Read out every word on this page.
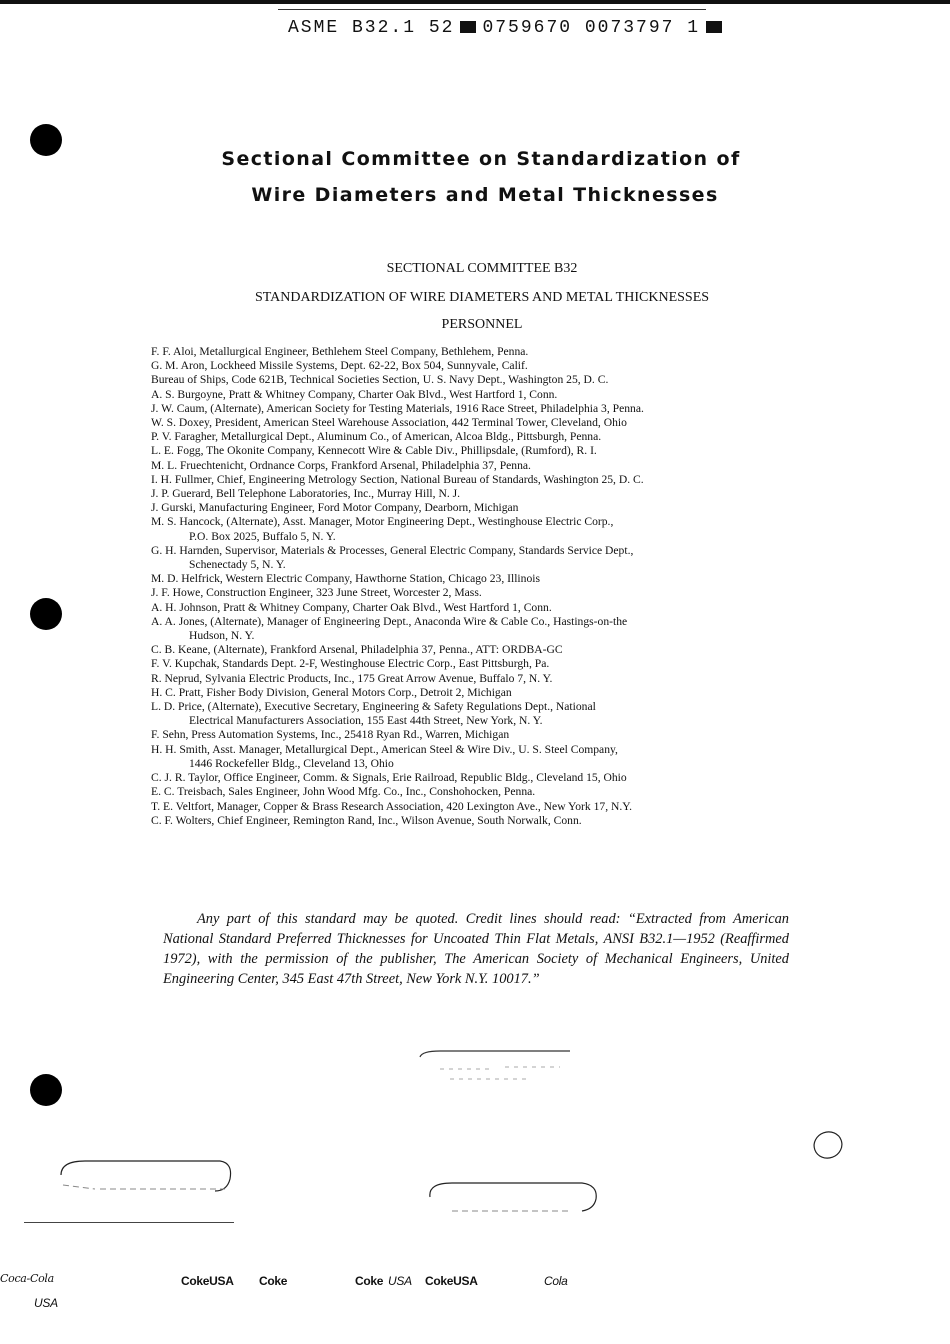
ASME B32.1 52 0759670 0073797 1
Sectional Committee on Standardization of
Wire Diameters and Metal Thicknesses
SECTIONAL COMMITTEE B32
STANDARDIZATION OF WIRE DIAMETERS AND METAL THICKNESSES
PERSONNEL
F. F. Aloi, Metallurgical Engineer, Bethlehem Steel Company, Bethlehem, Penna.
G. M. Aron, Lockheed Missile Systems, Dept. 62-22, Box 504, Sunnyvale, Calif.
Bureau of Ships, Code 621B, Technical Societies Section, U. S. Navy Dept., Washington 25, D. C.
A. S. Burgoyne, Pratt & Whitney Company, Charter Oak Blvd., West Hartford 1, Conn.
J. W. Caum, (Alternate), American Society for Testing Materials, 1916 Race Street, Philadelphia 3, Penna.
W. S. Doxey, President, American Steel Warehouse Association, 442 Terminal Tower, Cleveland, Ohio
P. V. Faragher, Metallurgical Dept., Aluminum Co., of American, Alcoa Bldg., Pittsburgh, Penna.
L. E. Fogg, The Okonite Company, Kennecott Wire & Cable Div., Phillipsdale, (Rumford), R. I.
M. L. Fruechtenicht, Ordnance Corps, Frankford Arsenal, Philadelphia 37, Penna.
I. H. Fullmer, Chief, Engineering Metrology Section, National Bureau of Standards, Washington 25, D. C.
J. P. Guerard, Bell Telephone Laboratories, Inc., Murray Hill, N. J.
J. Gurski, Manufacturing Engineer, Ford Motor Company, Dearborn, Michigan
M. S. Hancock, (Alternate), Asst. Manager, Motor Engineering Dept., Westinghouse Electric Corp.,
P.O. Box 2025, Buffalo 5, N. Y.
G. H. Harnden, Supervisor, Materials & Processes, General Electric Company, Standards Service Dept.,
Schenectady 5, N. Y.
M. D. Helfrick, Western Electric Company, Hawthorne Station, Chicago 23, Illinois
J. F. Howe, Construction Engineer, 323 June Street, Worcester 2, Mass.
A. H. Johnson, Pratt & Whitney Company, Charter Oak Blvd., West Hartford 1, Conn.
A. A. Jones, (Alternate), Manager of Engineering Dept., Anaconda Wire & Cable Co., Hastings-on-the
Hudson, N. Y.
C. B. Keane, (Alternate), Frankford Arsenal, Philadelphia 37, Penna., ATT: ORDBA-GC
F. V. Kupchak, Standards Dept. 2-F, Westinghouse Electric Corp., East Pittsburgh, Pa.
R. Neprud, Sylvania Electric Products, Inc., 175 Great Arrow Avenue, Buffalo 7, N. Y.
H. C. Pratt, Fisher Body Division, General Motors Corp., Detroit 2, Michigan
L. D. Price, (Alternate), Executive Secretary, Engineering & Safety Regulations Dept., National
Electrical Manufacturers Association, 155 East 44th Street, New York, N. Y.
F. Sehn, Press Automation Systems, Inc., 25418 Ryan Rd., Warren, Michigan
H. H. Smith, Asst. Manager, Metallurgical Dept., American Steel & Wire Div., U. S. Steel Company,
1446 Rockefeller Bldg., Cleveland 13, Ohio
C. J. R. Taylor, Office Engineer, Comm. & Signals, Erie Railroad, Republic Bldg., Cleveland 15, Ohio
E. C. Treisbach, Sales Engineer, John Wood Mfg. Co., Inc., Conshohocken, Penna.
T. E. Veltfort, Manager, Copper & Brass Research Association, 420 Lexington Ave., New York 17, N.Y.
C. F. Wolters, Chief Engineer, Remington Rand, Inc., Wilson Avenue, South Norwalk, Conn.

Any part of this standard may be quoted. Credit lines should read: “Extracted from American National Standard Preferred Thicknesses for Uncoated Thin Flat Metals, ANSI B32.1—1952 (Reaffirmed 1972), with the permission of the publisher, The American Society of Mechanical Engineers, United Engineering Center, 345 East 47th Street, New York N.Y. 10017.”

Coca-Cola
USA
CokeUSA Coke	Coke USA CokeUSA	Cola
